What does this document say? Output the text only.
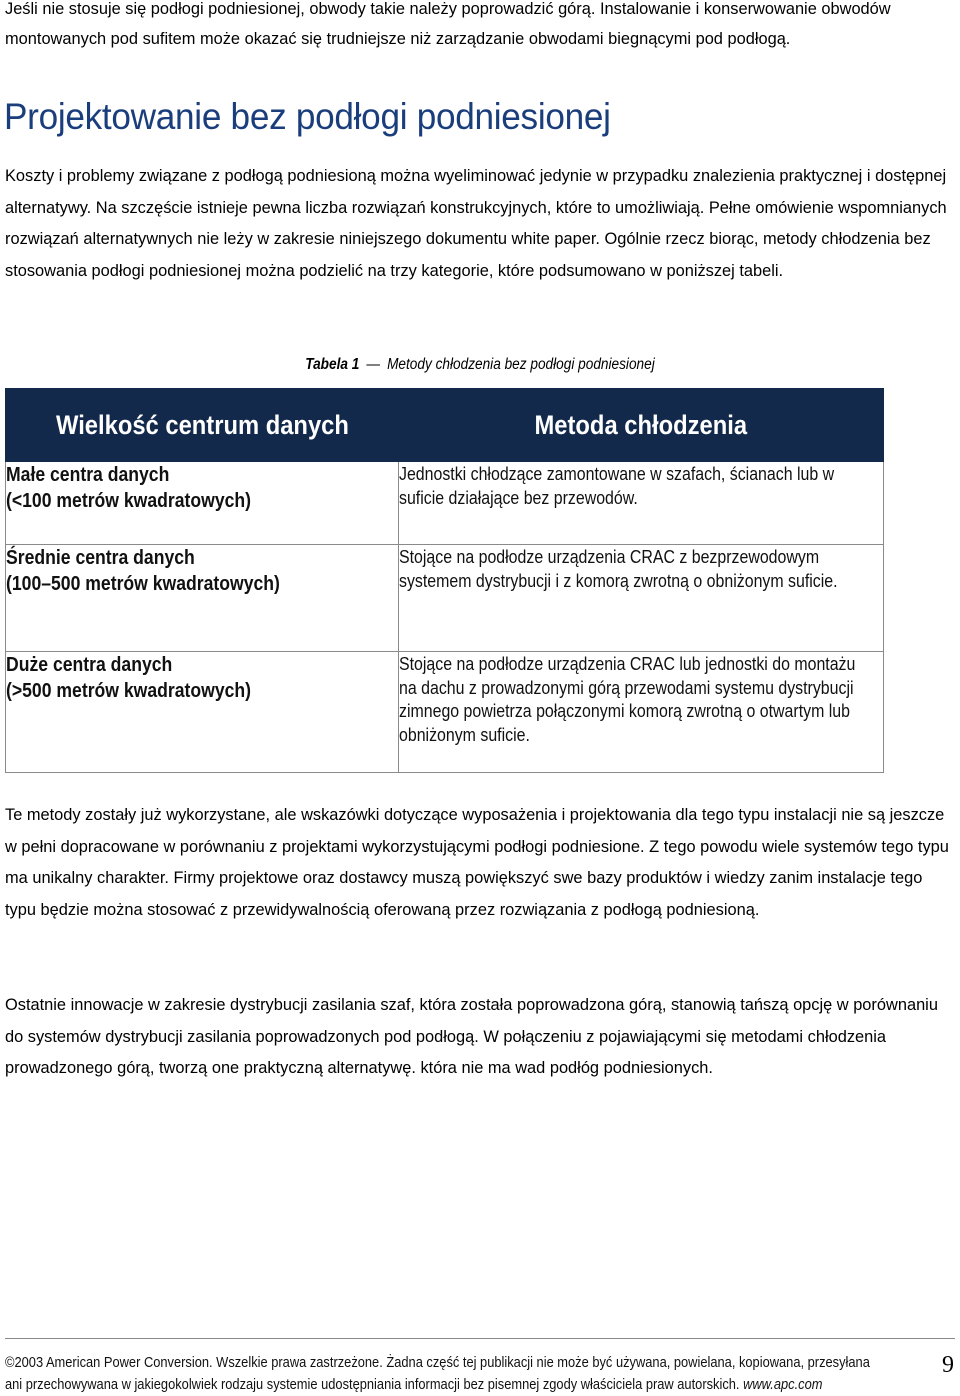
Jeśli nie stosuje się podłogi podniesionej, obwody takie należy poprowadzić górą. Instalowanie i konserwowanie obwodów montowanych pod sufitem może okazać się trudniejsze niż zarządzanie obwodami biegnącymi pod podłogą.

Projektowanie bez podłogi podniesionej

Koszty i problemy związane z podłogą podniesioną można wyeliminować jedynie w przypadku znalezienia praktycznej i dostępnej alternatywy. Na szczęście istnieje pewna liczba rozwiązań konstrukcyjnych, które to umożliwiają. Pełne omówienie wspomnianych rozwiązań alternatywnych nie leży w zakresie niniejszego dokumentu white paper. Ogólnie rzecz biorąc, metody chłodzenia bez stosowania podłogi podniesionej można podzielić na trzy kategorie, które podsumowano w poniższej tabeli.

Tabela 1 — Metody chłodzenia bez podłogi podniesionej
Wielkość centrum danych	Metoda chłodzenia

Małe centra danych
(<100 metrów kwadratowych)	Jednostki chłodzące zamontowane w szafach, ścianach lub w suficie działające bez przewodów.

Średnie centra danych
(100–500 metrów kwadratowych)	Stojące na podłodze urządzenia CRAC z bezprzewodowym systemem dystrybucji i z komorą zwrotną o obniżonym suficie.

Duże centra danych
(>500 metrów kwadratowych)	Stojące na podłodze urządzenia CRAC lub jednostki do montażu na dachu z prowadzonymi górą przewodami systemu dystrybucji zimnego powietrza połączonymi komorą zwrotną o otwartym lub obniżonym suficie.

Te metody zostały już wykorzystane, ale wskazówki dotyczące wyposażenia i projektowania dla tego typu instalacji nie są jeszcze w pełni dopracowane w porównaniu z projektami wykorzystującymi podłogi podniesione. Z tego powodu wiele systemów tego typu ma unikalny charakter. Firmy projektowe oraz dostawcy muszą powiększyć swe bazy produktów i wiedzy zanim instalacje tego typu będzie można stosować z przewidywalnością oferowaną przez rozwiązania z podłogą podniesioną.

Ostatnie innowacje w zakresie dystrybucji zasilania szaf, która została poprowadzona górą, stanowią tańszą opcję w porównaniu do systemów dystrybucji zasilania poprowadzonych pod podłogą. W połączeniu z pojawiającymi się metodami chłodzenia prowadzonego górą, tworzą one praktyczną alternatywę. która nie ma wad podłóg podniesionych.

©2003 American Power Conversion. Wszelkie prawa zastrzeżone. Żadna część tej publikacji nie może być używana, powielana, kopiowana, przesyłana
ani przechowywana w jakiegokolwiek rodzaju systemie udostępniania informacji bez pisemnej zgody właściciela praw autorskich. www.apc.com
9
